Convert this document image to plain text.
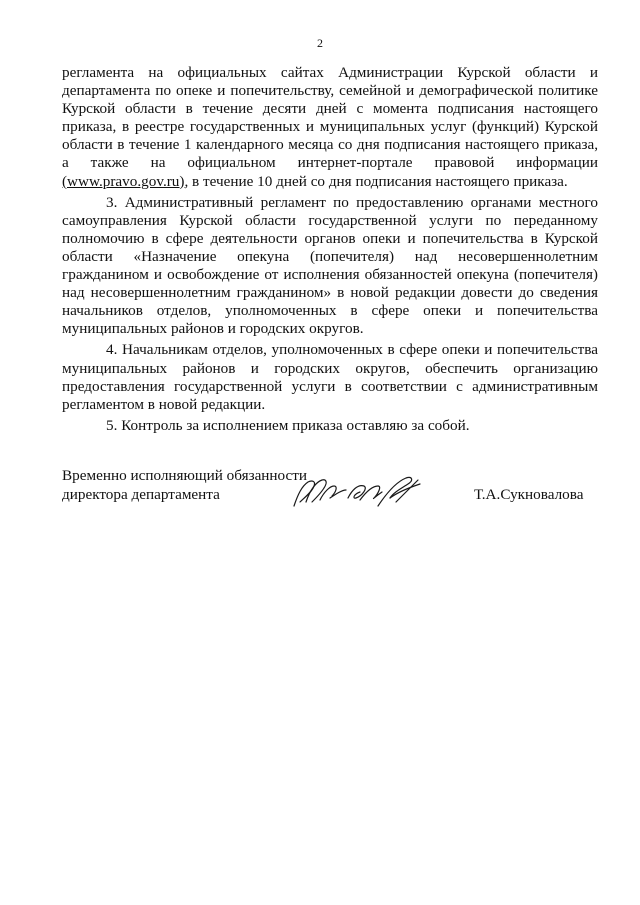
2
регламента на официальных сайтах Администрации Курской области и
департамента по опеке и попечительству, семейной и демографической политике
Курской области в течение десяти дней с момента подписания настоящего
приказа, в реестре государственных и муниципальных услуг (функций) Курской
области в течение 1 календарного месяца со дня подписания настоящего приказа,
а также на официальном интернет-портале правовой информации
(www.pravo.gov.ru), в течение 10 дней со дня подписания настоящего приказа.
3. Административный регламент по предоставлению органами местного
самоуправления Курской области государственной услуги по переданному
полномочию в сфере деятельности органов опеки и попечительства в Курской
области «Назначение опекуна (попечителя) над несовершеннолетним
гражданином и освобождение от исполнения обязанностей опекуна (попечителя)
над несовершеннолетним гражданином» в новой редакции довести до сведения
начальников отделов, уполномоченных в сфере опеки и попечительства
муниципальных районов и городских округов.
4. Начальникам отделов, уполномоченных в сфере опеки и попечительства
муниципальных районов и городских округов, обеспечить организацию
предоставления государственной услуги в соответствии с административным
регламентом в новой редакции.
5. Контроль за исполнением приказа оставляю за собой.
Временно исполняющий обязанности
директора департамента	Т.А.Сукновалова
